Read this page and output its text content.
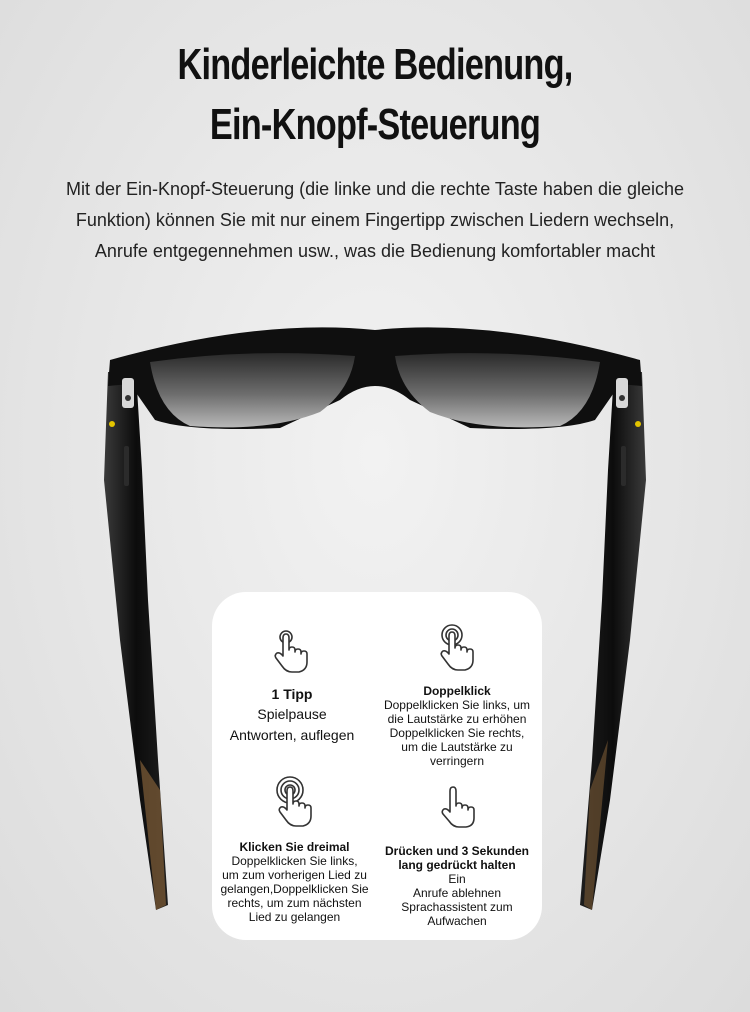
Kinderleichte Bedienung,
Ein-Knopf-Steuerung
Mit der Ein-Knopf-Steuerung (die linke und die rechte Taste haben die gleiche
Funktion) können Sie mit nur einem Fingertipp zwischen Liedern wechseln,
Anrufe entgegennehmen usw., was die Bedienung komfortabler macht
1 Tipp
Spielpause
Antworten, auflegen
Doppelklick
Doppelklicken Sie links, um
die Lautstärke zu erhöhen
Doppelklicken Sie rechts,
um die Lautstärke zu
verringern
Klicken Sie dreimal
Doppelklicken Sie links,
um zum vorherigen Lied zu
gelangen,Doppelklicken Sie
rechts, um zum nächsten
Lied zu gelangen
Drücken und 3 Sekunden
lang gedrückt halten
Ein
Anrufe ablehnen
Sprachassistent zum
Aufwachen
